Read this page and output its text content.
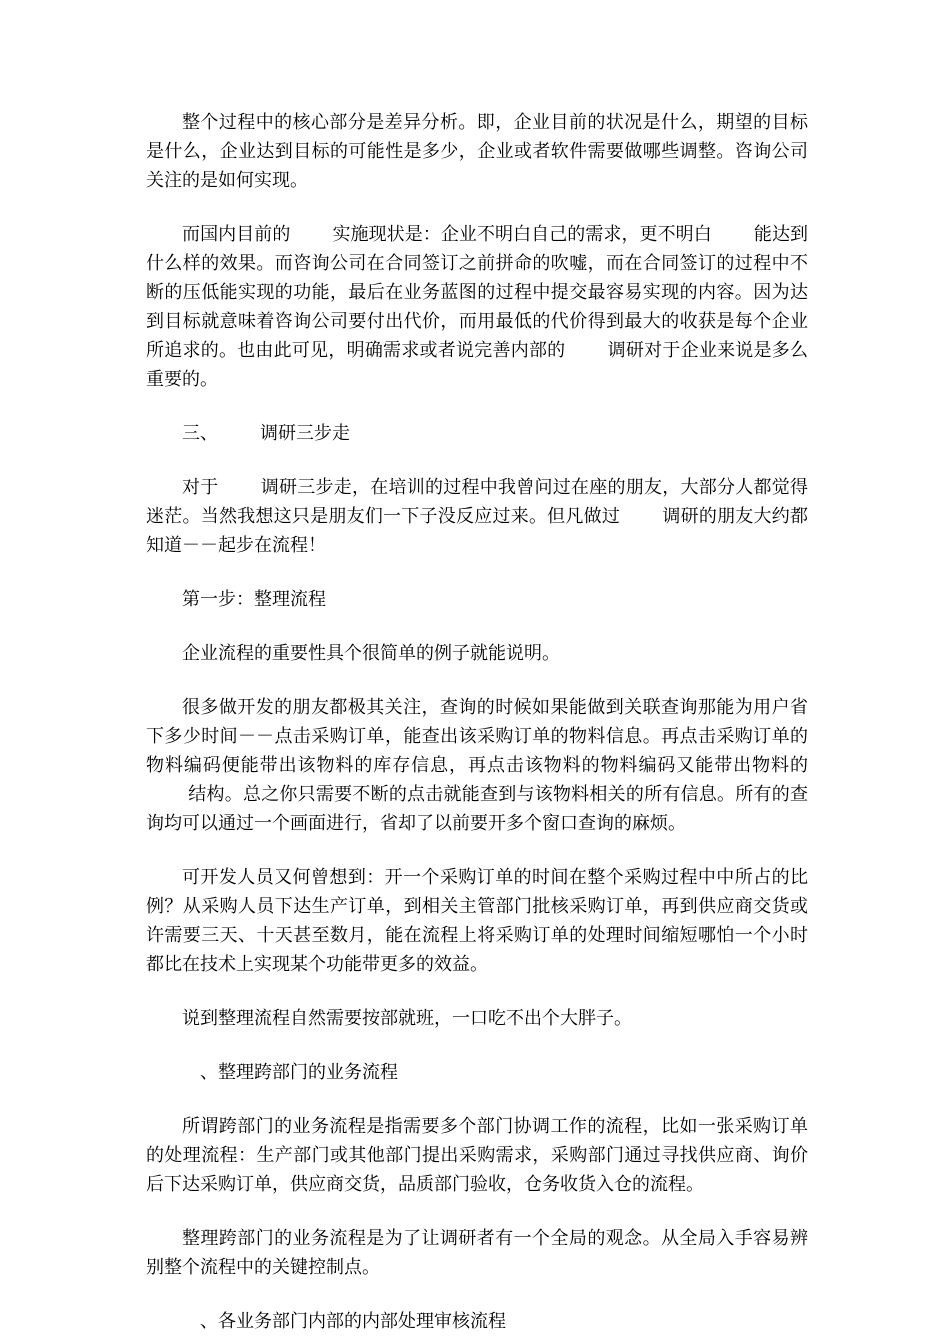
整个过程中的核心部分是差异分析。即，企业目前的状况是什么，期望的目标是什么，企业达到目标的可能性是多少，企业或者软件需要做哪些调整。咨询公司关注的是如何实现。

而国内目前的 实施现状是：企业不明白自己的需求，更不明白 能达到什么样的效果。而咨询公司在合同签订之前拼命的吹嘘，而在合同签订的过程中不断的压低能实现的功能，最后在业务蓝图的过程中提交最容易实现的内容。因为达到目标就意味着咨询公司要付出代价，而用最低的代价得到最大的收获是每个企业所追求的。也由此可见，明确需求或者说完善内部的 调研对于企业来说是多么重要的。

三、 调研三步走

对于 调研三步走，在培训的过程中我曾问过在座的朋友，大部分人都觉得迷茫。当然我想这只是朋友们一下子没反应过来。但凡做过 调研的朋友大约都知道－－起步在流程！

第一步：整理流程

企业流程的重要性具个很简单的例子就能说明。

很多做开发的朋友都极其关注，查询的时候如果能做到关联查询那能为用户省下多少时间－－点击采购订单，能查出该采购订单的物料信息。再点击采购订单的物料编码便能带出该物料的库存信息，再点击该物料的物料编码又能带出物料的结构。总之你只需要不断的点击就能查到与该物料相关的所有信息。所有的查询均可以通过一个画面进行，省却了以前要开多个窗口查询的麻烦。

可开发人员又何曾想到：开一个采购订单的时间在整个采购过程中中所占的比例？从采购人员下达生产订单，到相关主管部门批核采购订单，再到供应商交货或许需要三天、十天甚至数月，能在流程上将采购订单的处理时间缩短哪怕一个小时都比在技术上实现某个功能带更多的效益。

说到整理流程自然需要按部就班，一口吃不出个大胖子。

、整理跨部门的业务流程

所谓跨部门的业务流程是指需要多个部门协调工作的流程，比如一张采购订单的处理流程：生产部门或其他部门提出采购需求，采购部门通过寻找供应商、询价后下达采购订单，供应商交货，品质部门验收，仓务收货入仓的流程。

整理跨部门的业务流程是为了让调研者有一个全局的观念。从全局入手容易辨别整个流程中的关键控制点。

、各业务部门内部的内部处理审核流程
